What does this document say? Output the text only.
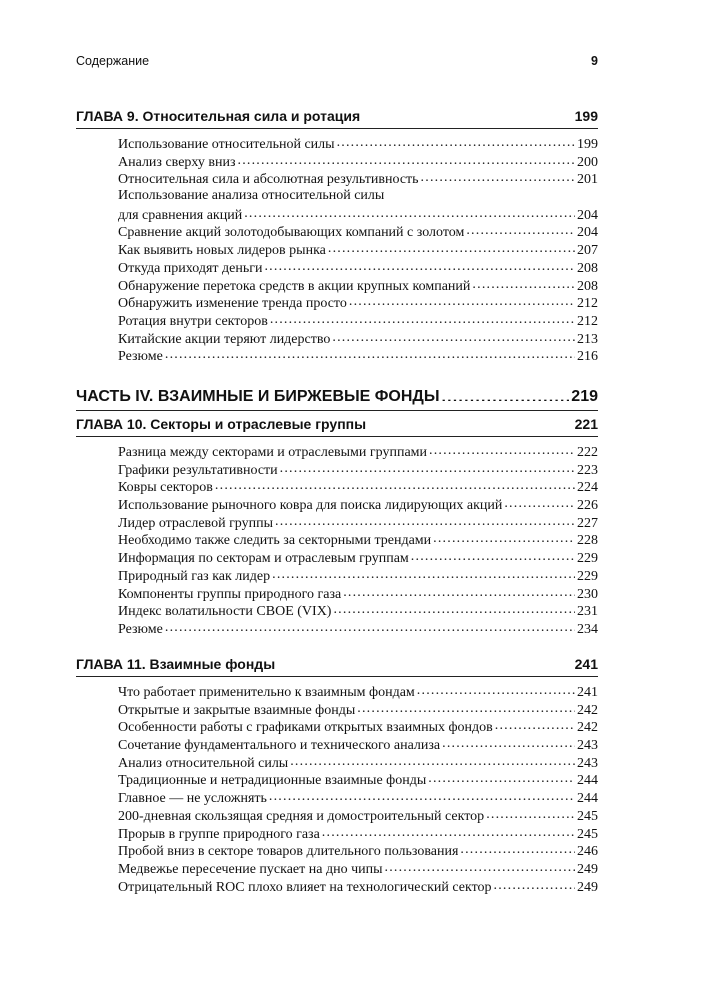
Содержание	9
ГЛАВА 9. Относительная сила и ротация .....	199
Использование относительной силы .....	199
Анализ сверху вниз .....	200
Относительная сила и абсолютная результивность .....	201
Использование анализа относительной силы
для сравнения акций .....	204
Сравнение акций золотодобывающих компаний с золотом .....	204
Как выявить новых лидеров рынка .....	207
Откуда приходят деньги .....	208
Обнаружение перетока средств в акции крупных компаний .....	208
Обнаружить изменение тренда просто .....	212
Ротация внутри секторов .....	212
Китайские акции теряют лидерство .....	213
Резюме .....	216
ЧАСТЬ IV. ВЗАИМНЫЕ И БИРЖЕВЫЕ ФОНДЫ .....	219
ГЛАВА 10. Секторы и отраслевые группы .....	221
Разница между секторами и отраслевыми группами .....	222
Графики результативности .....	223
Ковры секторов .....	224
Использование рыночного ковра для поиска лидирующих акций .....	226
Лидер отраслевой группы .....	227
Необходимо также следить за секторными трендами .....	228
Информация по секторам и отраслевым группам .....	229
Природный газ как лидер .....	229
Компоненты группы природного газа .....	230
Индекс волатильности CBOE (VIX) .....	231
Резюме .....	234
ГЛАВА 11. Взаимные фонды .....	241
Что работает применительно к взаимным фондам .....	241
Открытые и закрытые взаимные фонды .....	242
Особенности работы с графиками открытых взаимных фондов .....	242
Сочетание фундаментального и технического анализа .....	243
Анализ относительной силы .....	243
Традиционные и нетрадиционные взаимные фонды .....	244
Главное — не усложнять .....	244
200-дневная скользящая средняя и домостроительный сектор .....	245
Прорыв в группе природного газа .....	245
Пробой вниз в секторе товаров длительного пользования .....	246
Медвежье пересечение пускает на дно чипы .....	249
Отрицательный ROC плохо влияет на технологический сектор .....	249
